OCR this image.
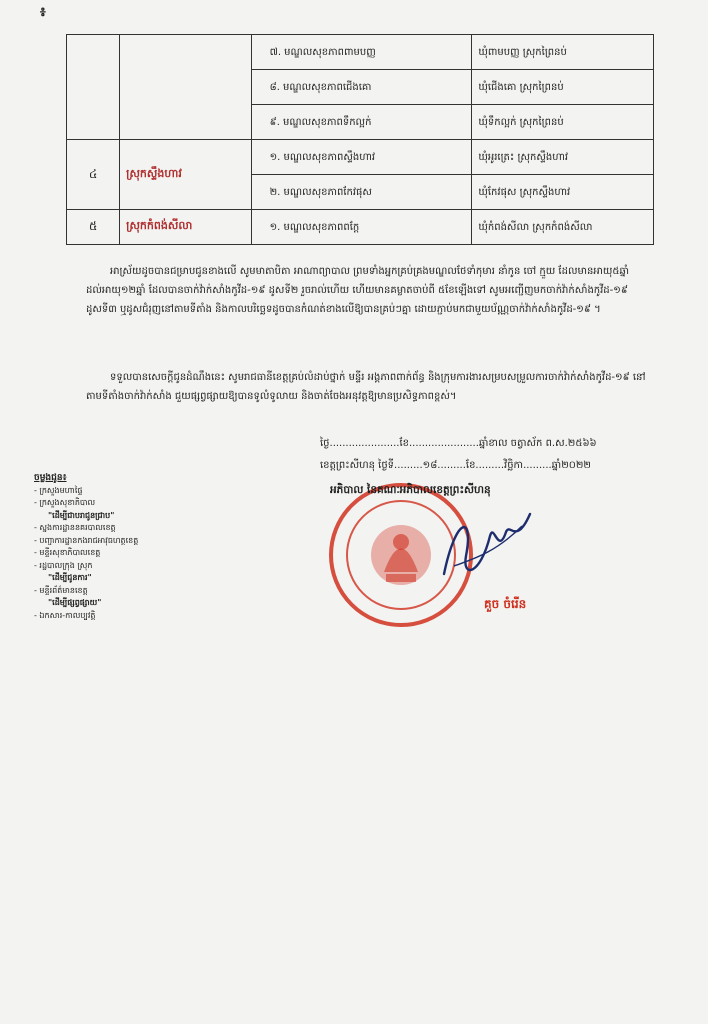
៖
		៧. មណ្ឌលសុខភាពពាមបញ្ញ	ឃុំពាមបញ្ញ ស្រុកព្រៃនប់
		៨. មណ្ឌលសុខភាពជើងគោ	ឃុំជើងគោ ស្រុកព្រៃនប់
		៩. មណ្ឌលសុខភាពទឹកល្អក់	ឃុំទឹកល្អក់ ស្រុកព្រៃនប់
៤	ស្រុកស្ទឹងហាវ	១. មណ្ឌលសុខភាពស្ទឹងហាវ	ឃុំអូរត្រេះ ស្រុកស្ទឹងហាវ
		២. មណ្ឌលសុខភាពកែវផុស	ឃុំកែវផុស ស្រុកស្ទឹងហាវ
៥	ស្រុកកំពង់សីលា	១. មណ្ឌលសុខភាពពក្តែ	ឃុំកំពង់សីលា ស្រុកកំពង់សីលា

អាស្រ័យដូចបានជម្រាបជូនខាងលើ សូមមាតាបិតា អាណាព្យាបាល ព្រមទាំងអ្នកគ្រប់គ្រងមណ្ឌលថែទាំកុមារ នាំកូន ចៅ ក្មួយ ដែលមានអាយុ៥ឆ្នាំ ដល់អាយុ១២ឆ្នាំ ដែលបានចាក់វ៉ាក់សាំងកូវីដ-១៩ ដូសទី២ រួចរាល់ហើយ ហើយមានគម្លាតចាប់ពី ៥ខែឡើងទៅ សូមអញ្ជើញមកចាក់វ៉ាក់សាំងកូវីដ-១៩ ដូសទី៣ ឬដូសជំរុញនៅតាមទីតាំង និងកាលបរិច្ឆេទដូចបានកំណត់ខាងលើឱ្យបានគ្រប់ៗគ្នា ដោយភ្ជាប់មកជាមួយប័ណ្ណចាក់វ៉ាក់សាំងកូវីដ-១៩ ។

ទទួលបានសេចក្តីជូនដំណឹងនេះ សូមរាជធានីខេត្តគ្រប់លំដាប់ថ្នាក់ មន្ទីរ អង្គភាពពាក់ព័ន្ធ និងក្រុមការងារសម្របសម្រួលការចាក់វ៉ាក់សាំងកូវីដ-១៩ នៅតាមទីតាំងចាក់វ៉ាក់សាំង ជួយផ្សព្វផ្សាយឱ្យបានទូលំទូលាយ និងចាត់ចែងអនុវត្តឱ្យមានប្រសិទ្ធភាពខ្ពស់។

ថ្ងៃ......................ខែ......................ឆ្នាំខាល ចត្វាស័ក ព.ស.២៥៦៦
ខេត្តព្រះសីហនុ ថ្ងៃទី.........១៨.........ខែ.........វិច្ឆិកា.........ឆ្នាំ២០២២
ចម្លងជូន៖
- ក្រសួងមហាផ្ទៃ
- ក្រសួងសុខាភិបាល
"ដើម្បីជាបរាជូនជ្រាប"
- ស្នងការដ្ឋាននគរបាលខេត្ត
- បញ្ជាការដ្ឋានកងរាជអាវុធហត្ថខេត្ត
- មន្ទីរសុខាភិបាលខេត្ត
- រដ្ឋបាលក្រុង ស្រុក
"ដើម្បីជូនការ"
- មន្ទីរព័ត៌មានខេត្ត
"ដើម្បីផ្សព្វផ្សាយ"
- ឯកសារ-កាលប្បវត្តិ
អភិបាល នៃគណៈអភិបាលខេត្តព្រះសីហនុ
គួច ចំរើន
